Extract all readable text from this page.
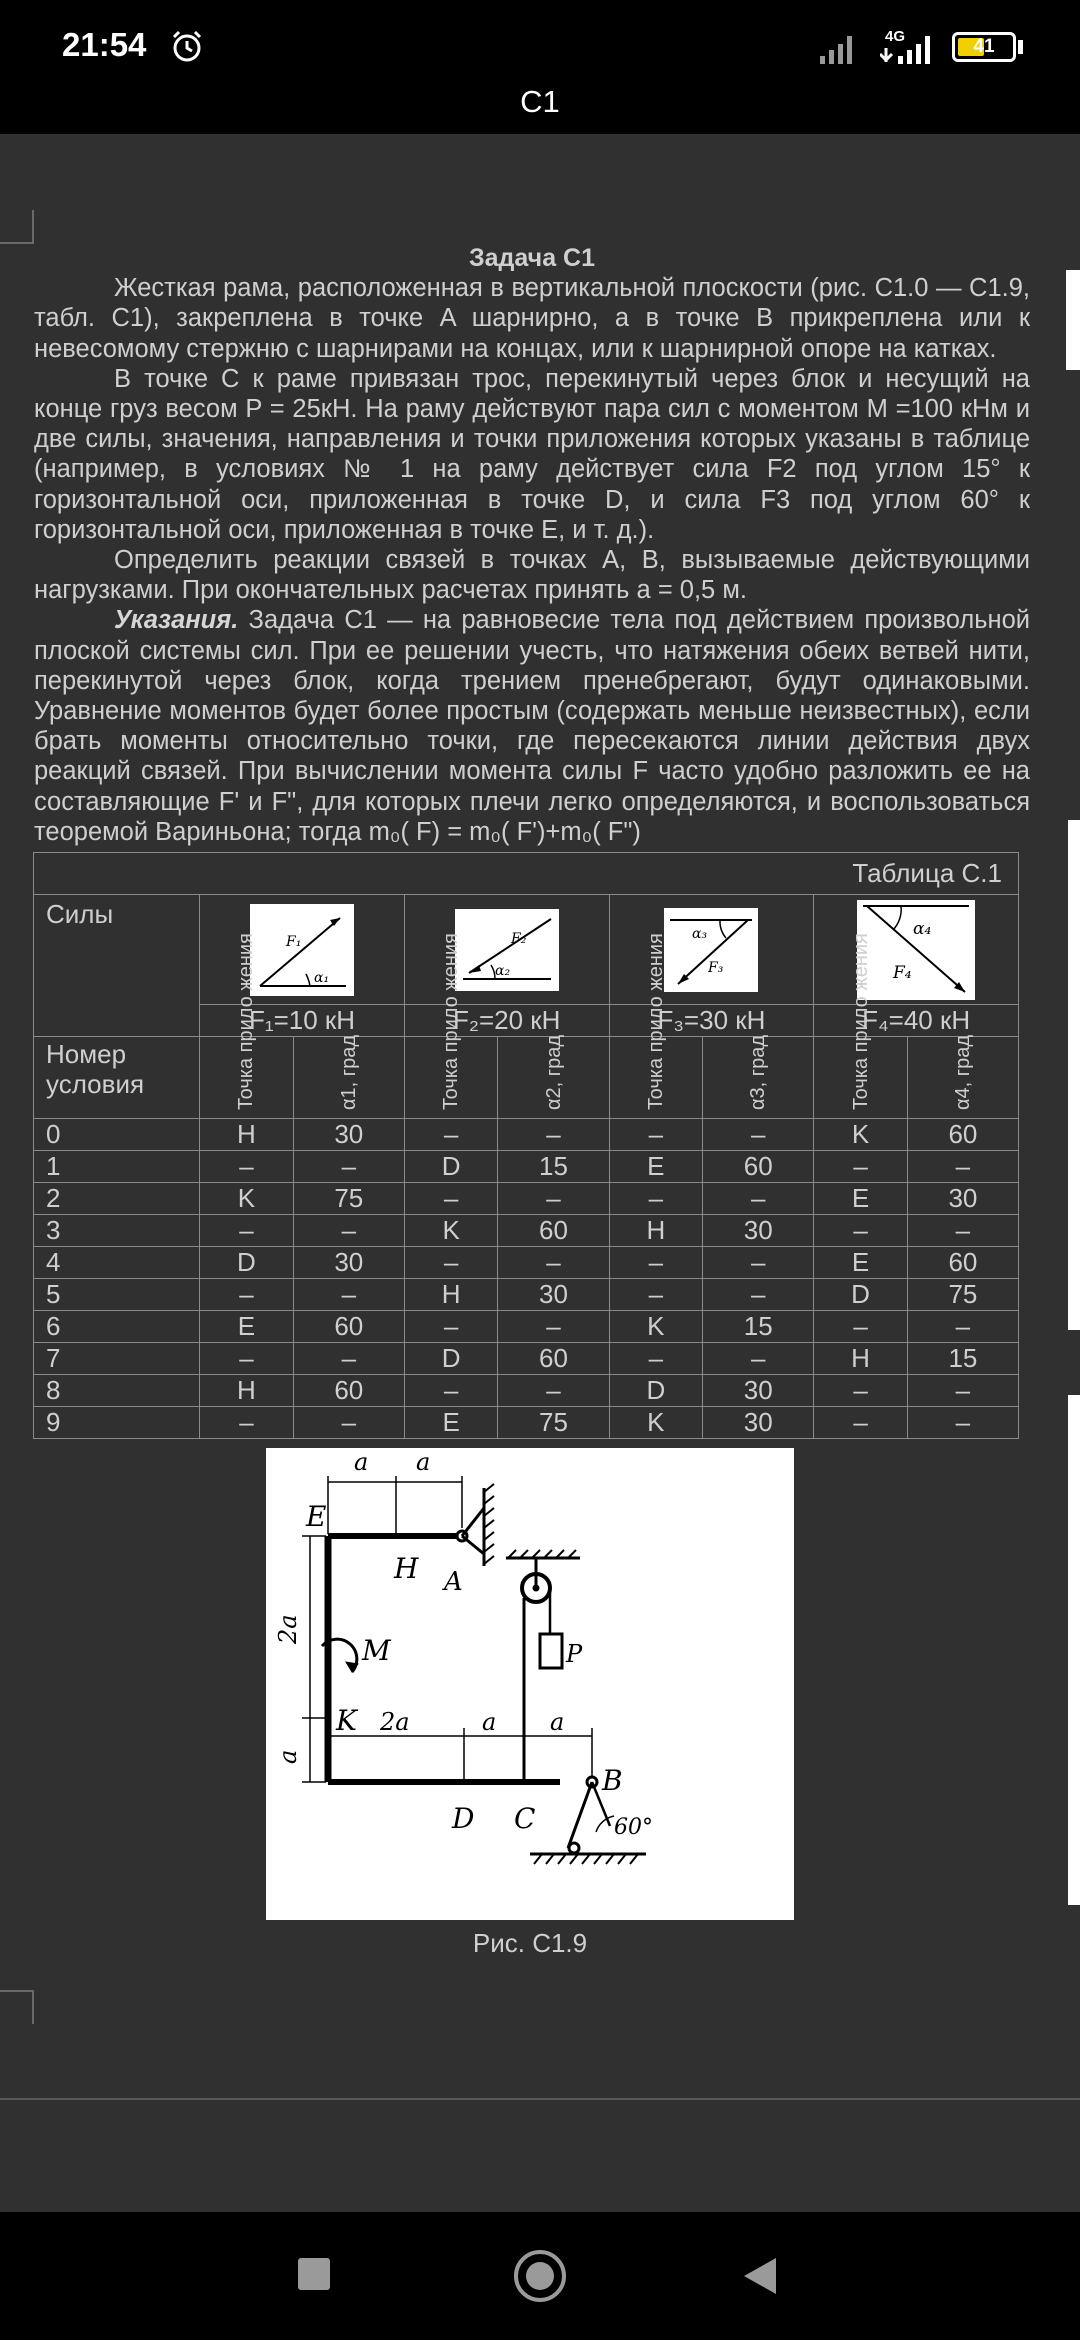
21:54	4G	41
C1

Задача С1

Жесткая рама, расположенная в вертикальной плоскости (рис. С1.0 — С1.9, табл. С1), закреплена в точке A шарнирно, а в точке B прикреплена или к невесомому стержню с шарнирами на концах, или к шарнирной опоре на катках.

В точке С к раме привязан трос, перекинутый через блок и несущий на конце груз весом P = 25кН. На раму действуют пара сил с моментом M =100 кНм и две силы, значения, направления и точки приложения которых указаны в таблице (например, в условиях № 1 на раму действует сила F2 под углом 15° к горизонтальной оси, приложенная в точке D, и сила F3 под углом 60° к горизонтальной оси, приложенная в точке E, и т. д.).

Определить реакции связей в точках A, B, вызываемые действующими нагрузками. При окончательных расчетах принять a = 0,5 м.

Указания. Задача С1 — на равновесие тела под действием произвольной плоской системы сил. При ее решении учесть, что натяжения обеих ветвей нити, перекинутой через блок, когда трением пренебрегают, будут одинаковыми. Уравнение моментов будет более простым (содержать меньше неизвестных), если брать моменты относительно точки, где пересекаются линии действия двух реакций связей. При вычислении момента силы F часто удобно разложить ее на составляющие F' и F", для которых плечи легко определяются, и воспользоваться теоремой Вариньона; тогда m₀( F) = m₀( F')+m₀( F")

Таблица С.1								
Силы	F₁
α₁		F₂
α₂		α₃
F₃		α₄
F₄	

	F₁=10 кН		F₂=20 кН		F₃=30 кН		F₄=40 кН	
Номер условия	Точка прило жения	α1, град	Точка прило жения	α2, град	Точка прило жения	α3, град	Точка прило жения	α4, град
0	H	30	–	–	–	–	K	60
1	–	–	D	15	E	60	–	–
2	K	75	–	–	–	–	E	30
3	–	–	K	60	H	30	–	–
4	D	30	–	–	–	–	E	60
5	–	–	H	30	–	–	D	75
6	E	60	–	–	K	15	–	–
7	–	–	D	60	–	–	H	15
8	H	60	–	–	D	30	–	–
9	–	–	E	75	K	30	–	–
E
A
H
M
K
D C
B
P
a a
2a
a
2a	a a
60°
Рис. С1.9
